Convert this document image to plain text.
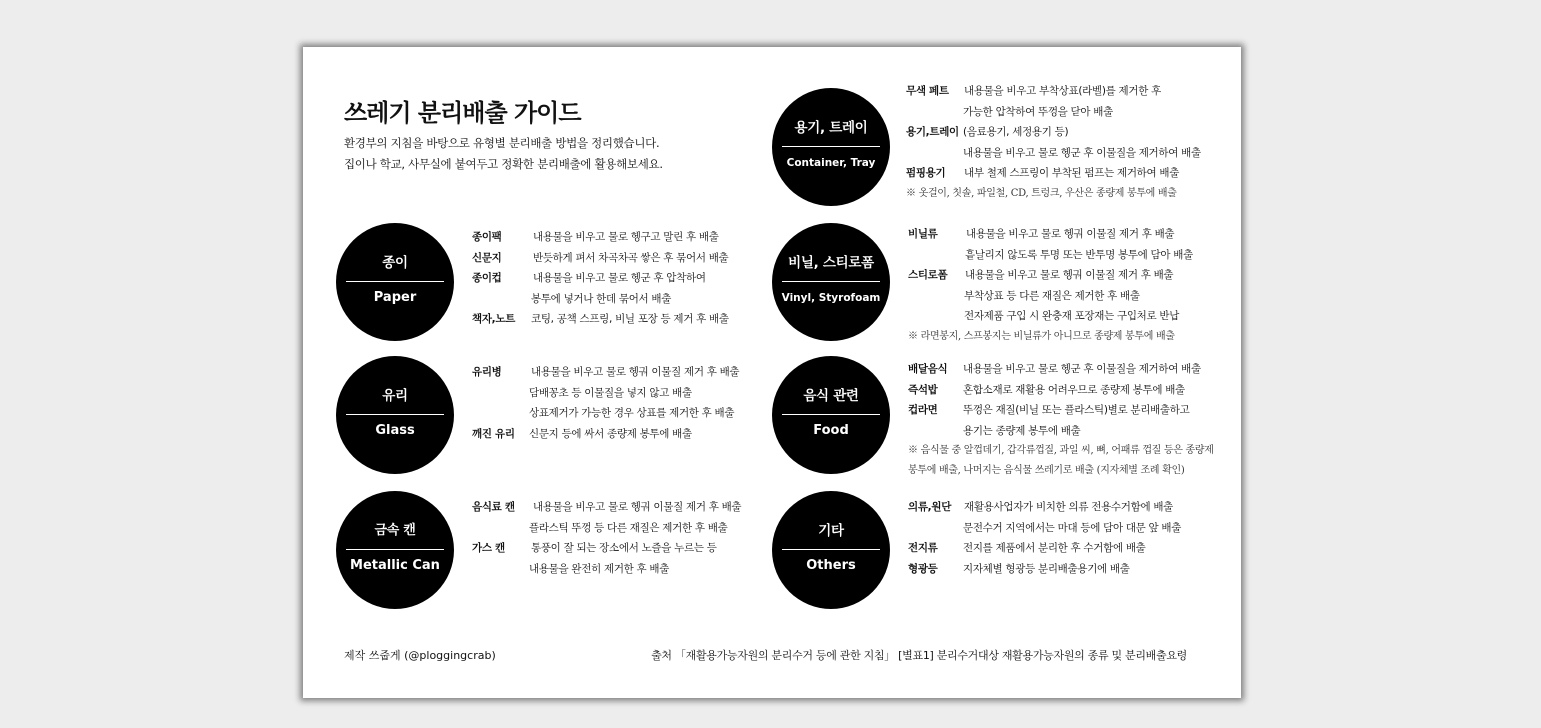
쓰레기 분리배출 가이드
환경부의 지침을 바탕으로 유형별 분리배출 방법을 정리했습니다.
집이나 학교, 사무실에 붙여두고 정확한 분리배출에 활용해보세요.
종이
Paper
종이팩	내용물을 비우고 물로 헹구고 말린 후 배출
신문지	반듯하게 펴서 차곡차곡 쌓은 후 묶어서 배출
종이컵	내용물을 비우고 물로 헹군 후 압착하여
봉투에 넣거나 한데 묶어서 배출
책자,노트 코팅, 공책 스프링, 비닐 포장 등 제거 후 배출
유리
Glass
유리병	내용물을 비우고 물로 헹궈 이물질 제거 후 배출
담배꽁초 등 이물질을 넣지 않고 배출
상표제거가 가능한 경우 상표를 제거한 후 배출
깨진 유리 신문지 등에 싸서 종량제 봉투에 배출
금속 캔
Metallic Can
음식료 캔 내용물을 비우고 물로 헹궈 이물질 제거 후 배출
플라스틱 뚜껑 등 다른 재질은 제거한 후 배출
가스 캔 통풍이 잘 되는 장소에서 노즐을 누르는 등
내용물을 완전히 제거한 후 배출
용기, 트레이
Container, Tray
무색 페트 내용물을 비우고 부착상표(라벨)를 제거한 후
가능한 압착하여 뚜껑을 닫아 배출
용기,트레이 (음료용기, 세정용기 등)
내용물을 비우고 물로 헹군 후 이물질을 제거하여 배출
펌핑용기 내부 철제 스프링이 부착된 펌프는 제거하여 배출
※ 옷걸이, 칫솔, 파일철, CD, 트렁크, 우산은 종량제 봉투에 배출
비닐, 스티로폼
Vinyl, Styrofoam
비닐류	내용물을 비우고 물로 헹궈 이물질 제거 후 배출
흩날리지 않도록 투명 또는 반투명 봉투에 담아 배출
스티로폼 내용물을 비우고 물로 헹궈 이물질 제거 후 배출
부착상표 등 다른 재질은 제거한 후 배출
전자제품 구입 시 완충재 포장재는 구입처로 반납
※ 라면봉지, 스프봉지는 비닐류가 아니므로 종량제 봉투에 배출
음식 관련
Food
배달음식 내용물을 비우고 물로 헹군 후 이물질을 제거하여 배출
즉석밥 혼합소재로 재활용 어려우므로 종량제 봉투에 배출
컵라면 뚜껑은 재질(비닐 또는 플라스틱)별로 분리배출하고
용기는 종량제 봉투에 배출
※ 음식물 중 알껍데기, 갑각류껍질, 과일 씨, 뼈, 어패류 껍질 등은 종량제 봉투에 배출, 나머지는 음식물 쓰레기로 배출 (지자체별 조례 확인)
기타
Others
의류,원단 재활용사업자가 비치한 의류 전용수거함에 배출
문전수거 지역에서는 마대 등에 담아 대문 앞 배출
전지류 전지를 제품에서 분리한 후 수거함에 배출
형광등 지자체별 형광등 분리배출용기에 배출
제작 쓰줍게 (@ploggingcrab)	출처 「재활용가능자원의 분리수거 등에 관한 지침」 [별표1] 분리수거대상 재활용가능자원의 종류 및 분리배출요령
